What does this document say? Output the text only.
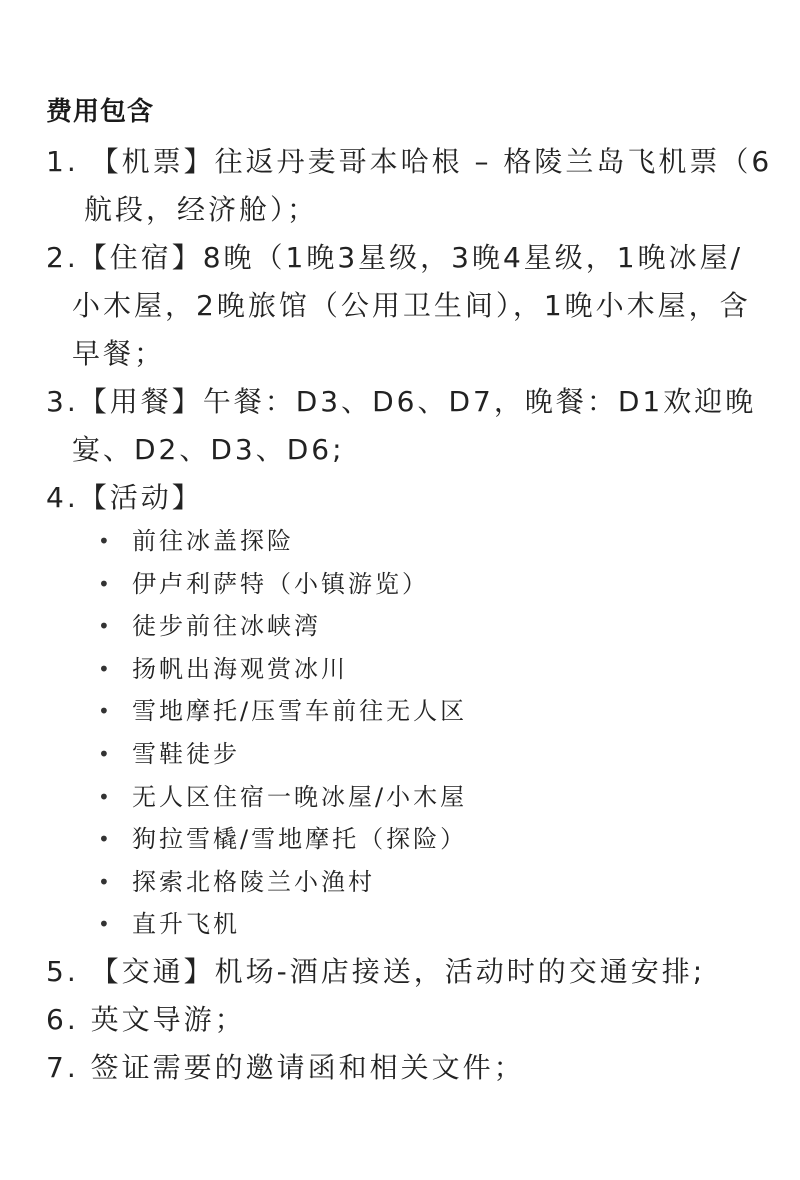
费用包含
1. 【机票】往返丹麦哥本哈根 – 格陵兰岛飞机票（6
航段，经济舱）；
2.【住宿】8晚（1晚3星级，3晚4星级，1晚冰屋/
小木屋，2晚旅馆（公用卫生间），1晚小木屋，含
早餐；
3.【用餐】午餐：D3、D6、D7，晚餐：D1欢迎晚
宴、D2、D3、D6;
4.【活动】
• 前往冰盖探险
• 伊卢利萨特（小镇游览）
• 徒步前往冰峡湾
• 扬帆出海观赏冰川
• 雪地摩托/压雪车前往无人区
• 雪鞋徒步
• 无人区住宿一晚冰屋/小木屋
• 狗拉雪橇/雪地摩托（探险）
• 探索北格陵兰小渔村
• 直升飞机
5. 【交通】机场-酒店接送，活动时的交通安排;
6. 英文导游；
7. 签证需要的邀请函和相关文件；
